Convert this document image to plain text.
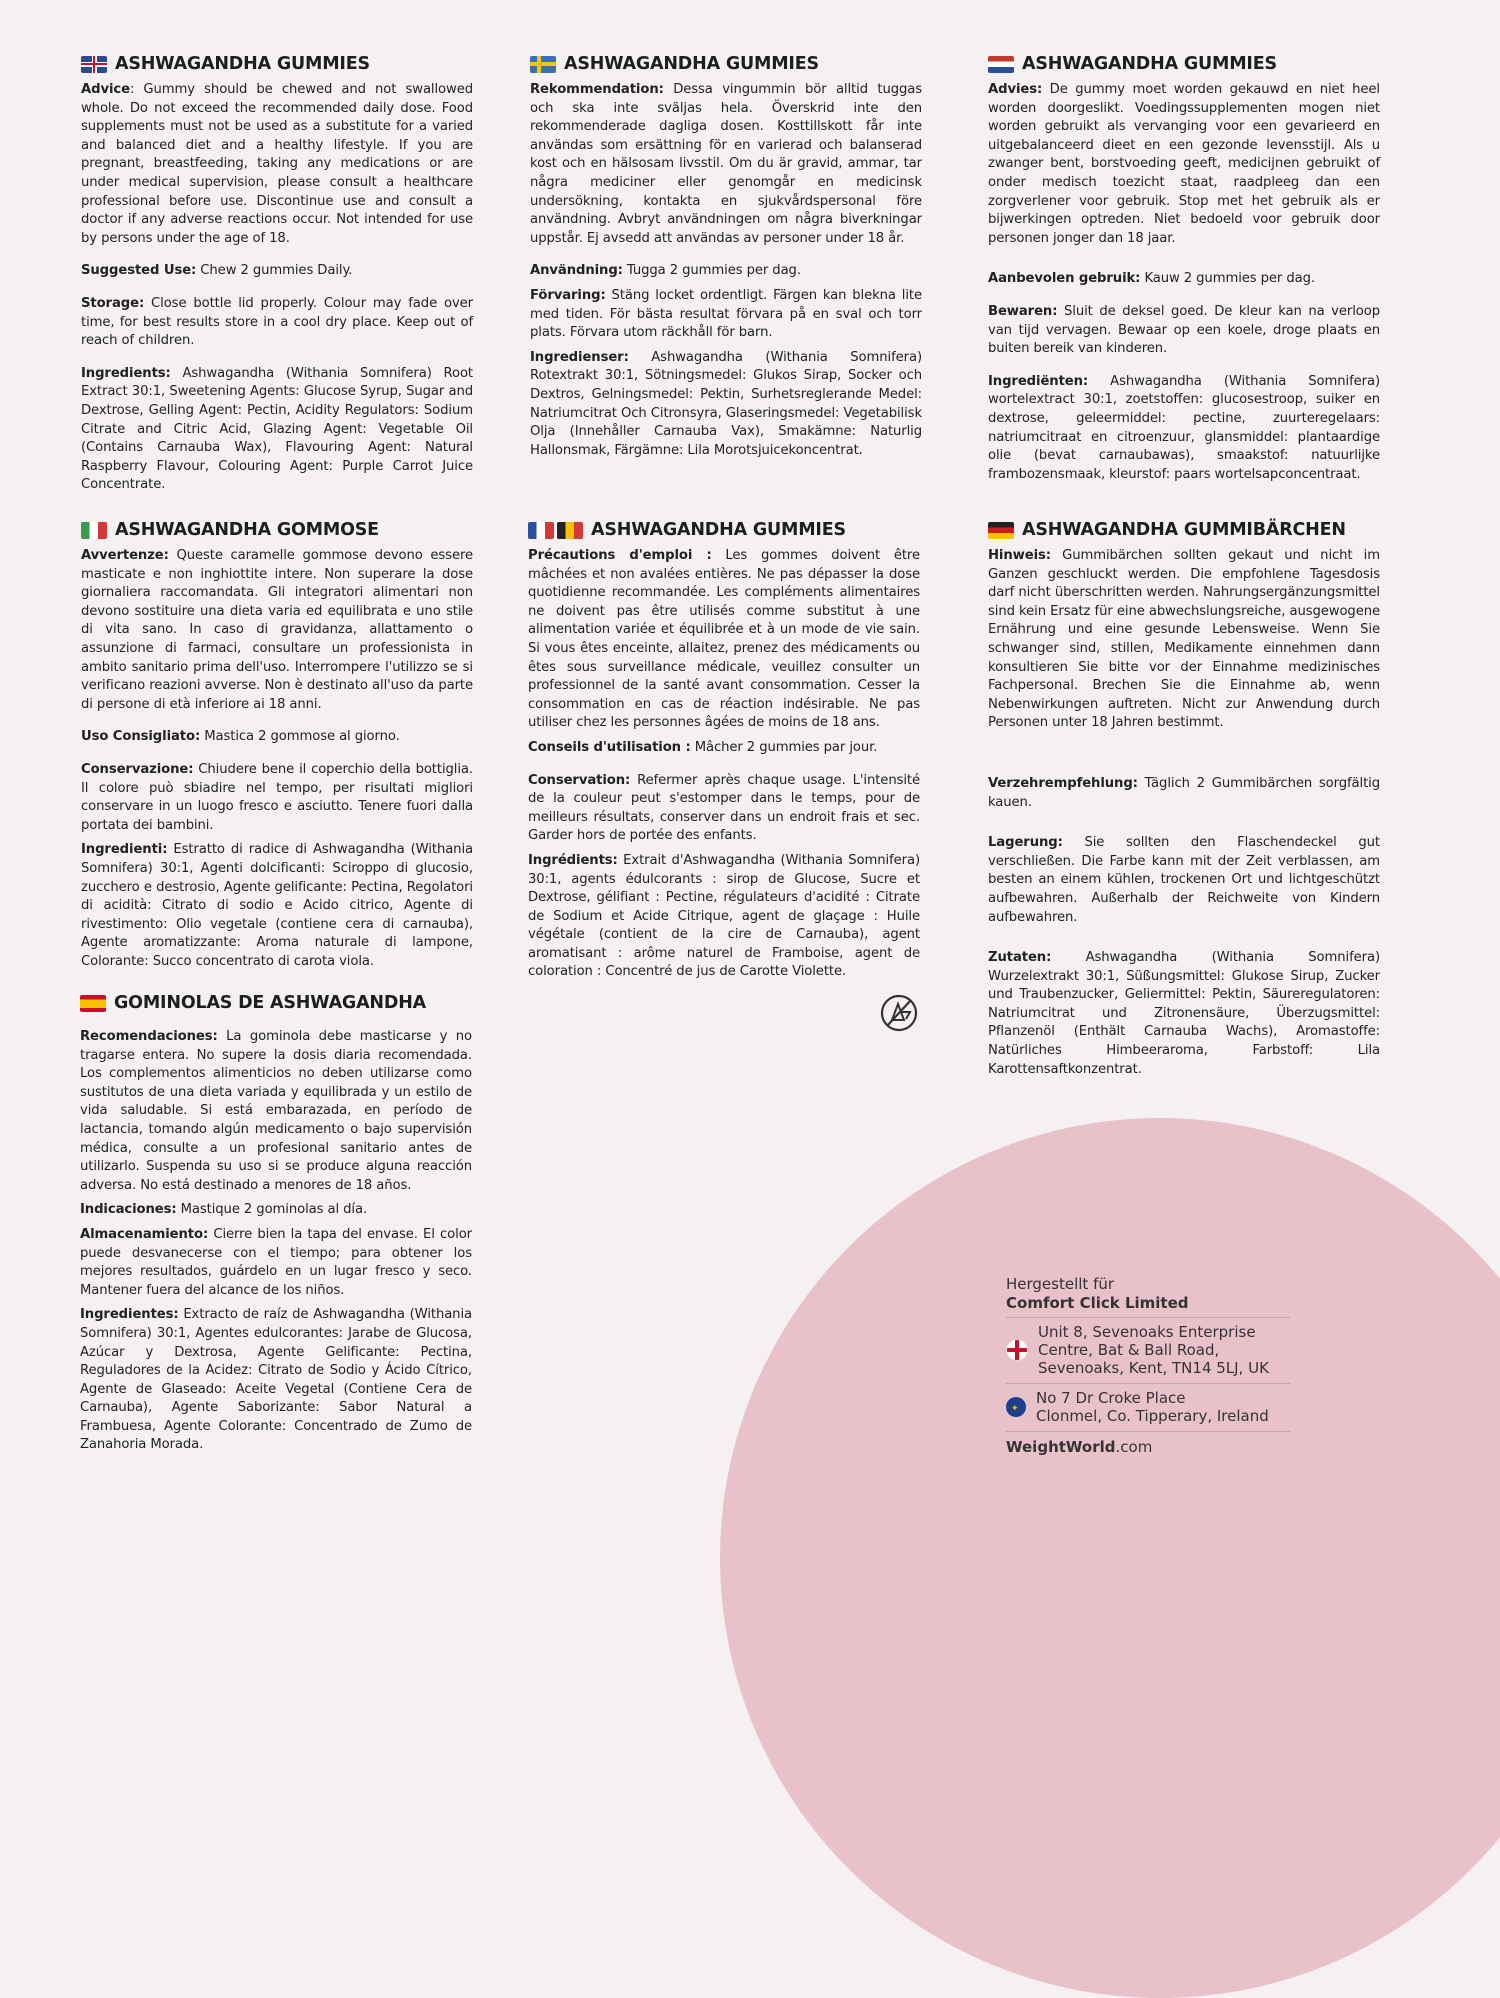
ASHWAGANDHA GUMMIES

Advice: Gummy should be chewed and not swallowed whole. Do not exceed the recommended daily dose. Food supplements must not be used as a substitute for a varied and balanced diet and a healthy lifestyle. If you are pregnant, breastfeeding, taking any medications or are under medical supervision, please consult a healthcare professional before use. Discontinue use and consult a doctor if any adverse reactions occur. Not intended for use by persons under the age of 18.

Suggested Use: Chew 2 gummies Daily.

Storage: Close bottle lid properly. Colour may fade over time, for best results store in a cool dry place. Keep out of reach of children.

Ingredients: Ashwagandha (Withania Somnifera) Root Extract 30:1, Sweetening Agents: Glucose Syrup, Sugar and Dextrose, Gelling Agent: Pectin, Acidity Regulators: Sodium Citrate and Citric Acid, Glazing Agent: Vegetable Oil (Contains Carnauba Wax), Flavouring Agent: Natural Raspberry Flavour, Colouring Agent: Purple Carrot Juice Concentrate.

ASHWAGANDHA GUMMIES

Rekommendation: Dessa vingummin bör alltid tuggas och ska inte sväljas hela. Överskrid inte den rekommenderade dagliga dosen. Kosttillskott får inte användas som ersättning för en varierad och balanserad kost och en hälsosam livsstil. Om du är gravid, ammar, tar några mediciner eller genomgår en medicinsk undersökning, kontakta en sjukvårdspersonal före användning. Avbryt användningen om några biverkningar uppstår. Ej avsedd att användas av personer under 18 år.

Användning: Tugga 2 gummies per dag.

Förvaring: Stäng locket ordentligt. Färgen kan blekna lite med tiden. För bästa resultat förvara på en sval och torr plats. Förvara utom räckhåll för barn.

Ingredienser: Ashwagandha (Withania Somnifera) Rotextrakt 30:1, Sötningsmedel: Glukos Sirap, Socker och Dextros, Gelningsmedel: Pektin, Surhetsreglerande Medel: Natriumcitrat Och Citronsyra, Glaseringsmedel: Vegetabilisk Olja (Innehåller Carnauba Vax), Smakämne: Naturlig Hallonsmak, Färgämne: Lila Morotsjuicekoncentrat.

ASHWAGANDHA GUMMIES

Advies: De gummy moet worden gekauwd en niet heel worden doorgeslikt. Voedingssupplementen mogen niet worden gebruikt als vervanging voor een gevarieerd en uitgebalanceerd dieet en een gezonde levensstijl. Als u zwanger bent, borstvoeding geeft, medicijnen gebruikt of onder medisch toezicht staat, raadpleeg dan een zorgverlener voor gebruik. Stop met het gebruik als er bijwerkingen optreden. Niet bedoeld voor gebruik door personen jonger dan 18 jaar.

Aanbevolen gebruik: Kauw 2 gummies per dag.

Bewaren: Sluit de deksel goed. De kleur kan na verloop van tijd vervagen. Bewaar op een koele, droge plaats en buiten bereik van kinderen.

Ingrediënten: Ashwagandha (Withania Somnifera) wortelextract 30:1, zoetstoffen: glucosestroop, suiker en dextrose, geleermiddel: pectine, zuurteregelaars: natriumcitraat en citroenzuur, glansmiddel: plantaardige olie (bevat carnaubawas), smaakstof: natuurlijke frambozensmaak, kleurstof: paars wortelsapconcentraat.

ASHWAGANDHA GOMMOSE

Avvertenze: Queste caramelle gommose devono essere masticate e non inghiottite intere. Non superare la dose giornaliera raccomandata. Gli integratori alimentari non devono sostituire una dieta varia ed equilibrata e uno stile di vita sano. In caso di gravidanza, allattamento o assunzione di farmaci, consultare un professionista in ambito sanitario prima dell'uso. Interrompere l'utilizzo se si verificano reazioni avverse. Non è destinato all'uso da parte di persone di età inferiore ai 18 anni.

Uso Consigliato: Mastica 2 gommose al giorno.

Conservazione: Chiudere bene il coperchio della bottiglia. Il colore può sbiadire nel tempo, per risultati migliori conservare in un luogo fresco e asciutto. Tenere fuori dalla portata dei bambini.

Ingredienti: Estratto di radice di Ashwagandha (Withania Somnifera) 30:1, Agenti dolcificanti: Sciroppo di glucosio, zucchero e destrosio, Agente gelificante: Pectina, Regolatori di acidità: Citrato di sodio e Acido citrico, Agente di rivestimento: Olio vegetale (contiene cera di carnauba), Agente aromatizzante: Aroma naturale di lampone, Colorante: Succo concentrato di carota viola.

GOMINOLAS DE ASHWAGANDHA

Recomendaciones: La gominola debe masticarse y no tragarse entera. No supere la dosis diaria recomendada. Los complementos alimenticios no deben utilizarse como sustitutos de una dieta variada y equilibrada y un estilo de vida saludable. Si está embarazada, en período de lactancia, tomando algún medicamento o bajo supervisión médica, consulte a un profesional sanitario antes de utilizarlo. Suspenda su uso si se produce alguna reacción adversa. No está destinado a menores de 18 años.

Indicaciones: Mastique 2 gominolas al día.

Almacenamiento: Cierre bien la tapa del envase. El color puede desvanecerse con el tiempo; para obtener los mejores resultados, guárdelo en un lugar fresco y seco. Mantener fuera del alcance de los niños.

Ingredientes: Extracto de raíz de Ashwagandha (Withania Somnifera) 30:1, Agentes edulcorantes: Jarabe de Glucosa, Azúcar y Dextrosa, Agente Gelificante: Pectina, Reguladores de la Acidez: Citrato de Sodio y Ácido Cítrico, Agente de Glaseado: Aceite Vegetal (Contiene Cera de Carnauba), Agente Saborizante: Sabor Natural a Frambuesa, Agente Colorante: Concentrado de Zumo de Zanahoria Morada.

ASHWAGANDHA GUMMIES

Précautions d'emploi : Les gommes doivent être mâchées et non avalées entières. Ne pas dépasser la dose quotidienne recommandée. Les compléments alimentaires ne doivent pas être utilisés comme substitut à une alimentation variée et équilibrée et à un mode de vie sain. Si vous êtes enceinte, allaitez, prenez des médicaments ou êtes sous surveillance médicale, veuillez consulter un professionnel de la santé avant consommation. Cesser la consommation en cas de réaction indésirable. Ne pas utiliser chez les personnes âgées de moins de 18 ans.

Conseils d'utilisation : Mâcher 2 gummies par jour.

Conservation: Refermer après chaque usage. L'intensité de la couleur peut s'estomper dans le temps, pour de meilleurs résultats, conserver dans un endroit frais et sec. Garder hors de portée des enfants.

Ingrédients: Extrait d'Ashwagandha (Withania Somnifera) 30:1, agents édulcorants : sirop de Glucose, Sucre et Dextrose, gélifiant : Pectine, régulateurs d'acidité : Citrate de Sodium et Acide Citrique, agent de glaçage : Huile végétale (contient de la cire de Carnauba), agent aromatisant : arôme naturel de Framboise, agent de coloration : Concentré de jus de Carotte Violette.

ASHWAGANDHA GUMMIBÄRCHEN

Hinweis: Gummibärchen sollten gekaut und nicht im Ganzen geschluckt werden. Die empfohlene Tagesdosis darf nicht überschritten werden. Nahrungsergänzungsmittel sind kein Ersatz für eine abwechslungsreiche, ausgewogene Ernährung und eine gesunde Lebensweise. Wenn Sie schwanger sind, stillen, Medikamente einnehmen dann konsultieren Sie bitte vor der Einnahme medizinisches Fachpersonal. Brechen Sie die Einnahme ab, wenn Nebenwirkungen auftreten. Nicht zur Anwendung durch Personen unter 18 Jahren bestimmt.

Verzehrempfehlung: Täglich 2 Gummibärchen sorgfältig kauen.

Lagerung: Sie sollten den Flaschendeckel gut verschließen. Die Farbe kann mit der Zeit verblassen, am besten an einem kühlen, trockenen Ort und lichtgeschützt aufbewahren. Außerhalb der Reichweite von Kindern aufbewahren.

Zutaten: Ashwagandha (Withania Somnifera) Wurzelextrakt 30:1, Süßungsmittel: Glukose Sirup, Zucker und Traubenzucker, Geliermittel: Pektin, Säureregulatoren: Natriumcitrat und Zitronensäure, Überzugsmittel: Pflanzenöl (Enthält Carnauba Wachs), Aromastoffe: Natürliches Himbeeraroma, Farbstoff: Lila Karottensaftkonzentrat.

Hergestellt für
Comfort Click Limited
Unit 8, Sevenoaks Enterprise
Centre, Bat & Ball Road,
Sevenoaks, Kent, TN14 5LJ, UK
✦
No 7 Dr Croke Place
Clonmel, Co. Tipperary, Ireland
WeightWorld.com
